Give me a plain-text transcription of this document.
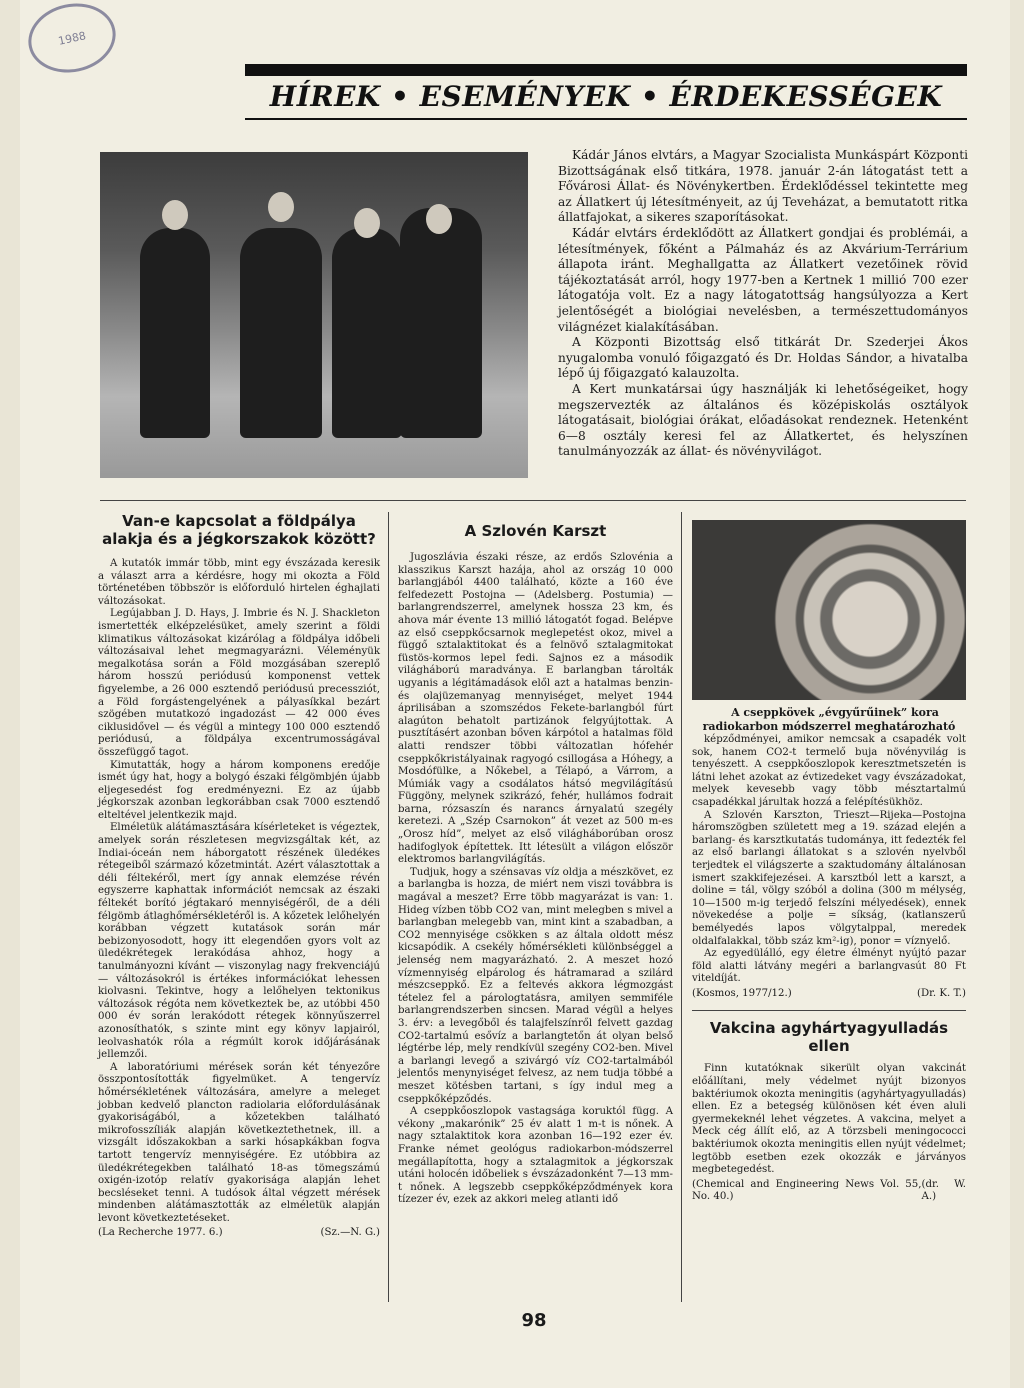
1988
HÍREK • ESEMÉNYEK • ÉRDEKESSÉGEK

Kádár János elvtárs, a Magyar Szocialista Munkáspárt Központi Bizottságának első titkára, 1978. január 2-án látogatást tett a Fővárosi Állat- és Növénykertben. Érdeklődéssel tekintette meg az Állatkert új létesítményeit, az új Teveházat, a bemutatott ritka állatfajokat, a sikeres szaporításokat.

Kádár elvtárs érdeklődött az Állatkert gondjai és problémái, a létesítmények, főként a Pálmaház és az Akvárium-Terrárium állapota iránt. Meghallgatta az Állatkert vezetőinek rövid tájékoztatását arról, hogy 1977-ben a Kertnek 1 millió 700 ezer látogatója volt. Ez a nagy látogatottság hangsúlyozza a Kert jelentőségét a biológiai nevelésben, a természettudományos világnézet kialakításában.

A Központi Bizottság első titkárát Dr. Szederjei Ákos nyugalomba vonuló főigazgató és Dr. Holdas Sándor, a hivatalba lépő új főigazgató kalauzolta.

A Kert munkatársai úgy használják ki lehetőségeiket, hogy megszervezték az általános és középiskolás osztályok látogatásait, biológiai órákat, előadásokat rendeznek. Hetenként 6—8 osztály keresi fel az Állatkertet, és helyszínen tanulmányozzák az állat- és növényvilágot.

Van-e kapcsolat a földpálya alakja és a jégkorszakok között?

A kutatók immár több, mint egy évszázada keresik a választ arra a kérdésre, hogy mi okozta a Föld történetében többször is előforduló hirtelen éghajlati változásokat.

Legújabban J. D. Hays, J. Imbrie és N. J. Shackleton ismertették elképzelésüket, amely szerint a földi klimatikus változásokat kizárólag a földpálya időbeli változásaival lehet megmagyarázni. Véleményük megalkotása során a Föld mozgásában szereplő három hosszú periódusú komponenst vettek figyelembe, a 26 000 esztendő periódusú precessziót, a Föld forgástengelyének a pályasíkkal bezárt szögében mutatkozó ingadozást — 42 000 éves ciklusidővel — és végül a mintegy 100 000 esztendő periódusú, a földpálya excentrumosságával összefüggő tagot.

Kimutatták, hogy a három komponens eredője ismét úgy hat, hogy a bolygó északi félgömbjén újabb eljegesedést fog eredményezni. Ez az újabb jégkorszak azonban legkorábban csak 7000 esztendő elteltével jelentkezik majd.

Elméletük alátámasztására kísérleteket is végeztek, amelyek során részletesen megvizsgáltak két, az Indiai-óceán nem háborgatott részének üledékes rétegeiből származó kőzetmintát. Azért választottak a déli féltekéről, mert így annak elemzése révén egyszerre kaphattak információt nemcsak az északi féltekét borító jégtakaró mennyiségéről, de a déli félgömb átlaghőmérsékletéről is. A kőzetek lelőhelyén korábban végzett kutatások során már bebizonyosodott, hogy itt elegendően gyors volt az üledékrétegek lerakódása ahhoz, hogy a tanulmányozni kívánt — viszonylag nagy frekvenciájú — változásokról is értékes információkat lehessen kiolvasni. Tekintve, hogy a lelőhelyen tektonikus változások régóta nem következtek be, az utóbbi 450 000 év során lerakódott rétegek könnyűszerrel azonosíthatók, s szinte mint egy könyv lapjairól, leolvashatók róla a régmúlt korok időjárásának jellemzői.

A laboratóriumi mérések során két tényezőre összpontosították figyelmüket. A tengervíz hőmérsékletének változására, amelyre a meleget jobban kedvelő plancton radiolaria előfordulásának gyakoriságából, a kőzetekben található mikrofosszíliák alapján következtethetnek, ill. a vizsgált időszakokban a sarki hósapkákban fogva tartott tengervíz mennyiségére. Ez utóbbira az üledékrétegekben található 18-as tömegszámú oxigén-izotóp relatív gyakorisága alapján lehet becsléseket tenni. A tudósok által végzett mérések mindenben alátámasztották az elméletük alapján levont következtetéseket.

(La Recherche 1977. 6.)	(Sz.—N. G.)
A Szlovén Karszt

Jugoszlávia északi része, az erdős Szlovénia a klasszikus Karszt hazája, ahol az ország 10 000 barlangjából 4400 található, közte a 160 éve felfedezett Postojna — (Adelsberg. Postumia) — barlangrendszerrel, amelynek hossza 23 km, és ahova már évente 13 millió látogatót fogad. Belépve az első cseppkőcsarnok meglepetést okoz, mivel a függő sztalaktitokat és a felnövő sztalagmitokat füstös-kormos lepel fedi. Sajnos ez a második világháború maradványa. E barlangban tárolták ugyanis a légitámadások elől azt a hatalmas benzin- és olajüzemanyag mennyiséget, melyet 1944 áprilisában a szomszédos Fekete-barlangból fúrt alagúton behatolt partizánok felgyújtottak. A pusztításért azonban bőven kárpótol a hatalmas föld alatti rendszer többi változatlan hófehér cseppkőkristályainak ragyogó csillogása a Hóhegy, a Mosdófülke, a Nőkebel, a Télapó, a Várrom, a Múmiák vagy a csodálatos hátsó megvilágítású Függöny, melynek szikrázó, fehér, hullámos fodrait barna, rózsaszín és narancs árnyalatú szegély keretezi. A „Szép Csarnokon” át vezet az 500 m-es „Orosz híd”, melyet az első világháborúban orosz hadifoglyok építettek. Itt létesült a világon először elektromos barlangvilágítás.

Tudjuk, hogy a szénsavas víz oldja a mészkövet, ez a barlangba is hozza, de miért nem viszi továbbra is magával a meszet? Erre több magyarázat is van: 1. Hideg vízben több CO2 van, mint melegben s mivel a barlangban melegebb van, mint kint a szabadban, a CO2 mennyisége csökken s az általa oldott mész kicsapódik. A csekély hőmérsékleti különbséggel a jelenség nem magyarázható. 2. A meszet hozó vízmennyiség elpárolog és hátramarad a szilárd mészcseppkő. Ez a feltevés akkora légmozgást tételez fel a párologtatásra, amilyen semmiféle barlangrendszerben sincsen. Marad végül a helyes 3. érv: a levegőből és talajfelszínről felvett gazdag CO2-tartalmú esővíz a barlangtetőn át olyan belső légtérbe lép, mely rendkívül szegény CO2-ben. Mivel a barlangi levegő a szivárgó víz CO2-tartalmából jelentős menynyiséget felvesz, az nem tudja többé a meszet kötésben tartani, s így indul meg a cseppkőképződés.

A cseppkőoszlopok vastagsága koruktól függ. A vékony „makarónik” 25 év alatt 1 m-t is nőnek. A nagy sztalaktitok kora azonban 16—192 ezer év. Franke német geológus radiokarbon-módszerrel megállapította, hogy a sztalagmitok a jégkorszak utáni holocén időbeliek s évszázadonként 7—13 mm-t nőnek. A legszebb cseppkőképződmények kora tízezer év, ezek az akkori meleg atlanti idő

A cseppkövek „évgyűrűinek” kora radiokarbon módszerrel meghatározható

képződményei, amikor nemcsak a csapadék volt sok, hanem CO2-t termelő buja növényvilág is tenyészett. A cseppkőoszlopok keresztmetszetén is látni lehet azokat az évtizedeket vagy évszázadokat, melyek kevesebb vagy több mésztartalmú csapadékkal járultak hozzá a felépítésükhöz.

A Szlovén Karszton, Trieszt—Rijeka—Postojna háromszögben született meg a 19. század elején a barlang- és karsztkutatás tudománya, itt fedezték fel az első barlangi állatokat s a szlovén nyelvből terjedtek el világszerte a szaktudomány általánosan ismert szakkifejezései. A karsztból lett a karszt, a doline = tál, völgy szóból a dolina (300 m mélység, 10—1500 m-ig terjedő felszíni mélyedések), ennek növekedése a polje = síkság, (katlanszerű bemélyedés lapos völgytalppal, meredek oldalfalakkal, több száz km²-ig), ponor = víznyelő.

Az egyedülálló, egy életre élményt nyújtó pazar föld alatti látvány megéri a barlangvasút 80 Ft viteldíját.

(Kosmos, 1977/12.)	(Dr. K. T.)
Vakcina agyhártyagyulladás ellen

Finn kutatóknak sikerült olyan vakcinát előállítani, mely védelmet nyújt bizonyos baktériumok okozta meningitis (agyhártyagyulladás) ellen. Ez a betegség különösen két éven aluli gyermekeknél lehet végzetes. A vakcina, melyet a Meck cég állít elő, az A törzsbeli meningococci baktériumok okozta meningitis ellen nyújt védelmet; legtöbb esetben ezek okozzák e járványos megbetegedést.

(Chemical and Engineering News Vol. 55, No. 40.)
(dr. W. A.)
98
